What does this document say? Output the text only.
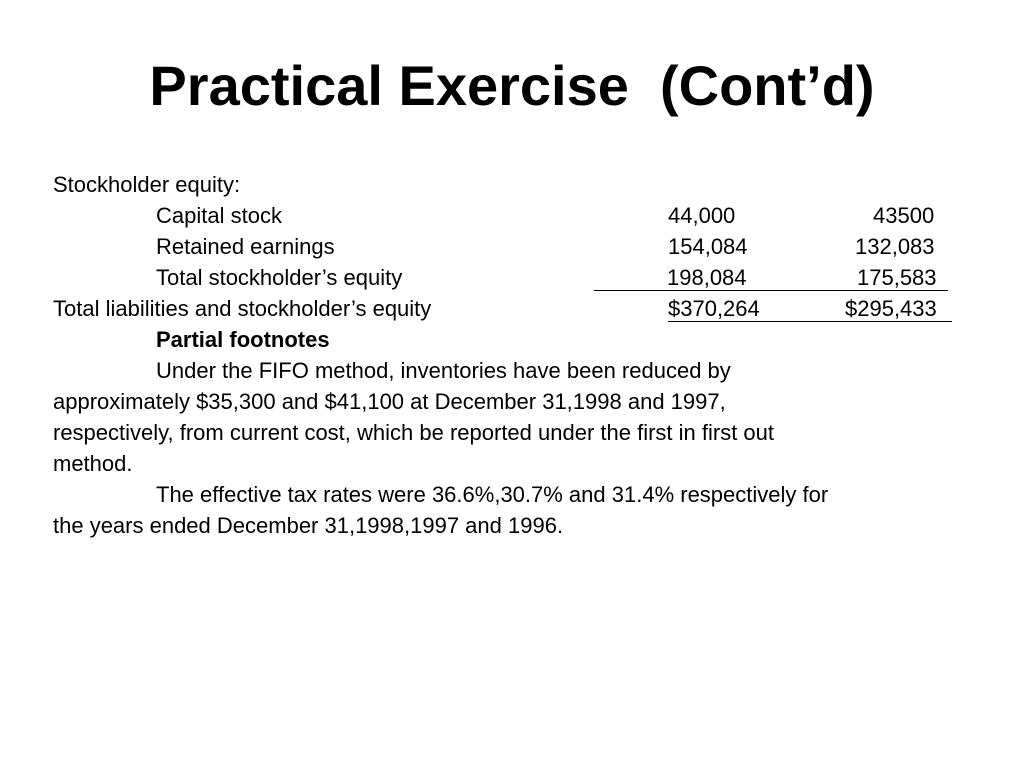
Practical Exercise  (Cont’d)
Stockholder equity:
Capital stock	44,000	43500
Retained earnings	154,084	132,083
Total stockholder’s equity	198,084	175,583
Total liabilities and stockholder’s equity	$370,264	$295,433
Partial footnotes
Under the FIFO method, inventories have been reduced by
approximately $35,300 and $41,100 at December 31,1998 and 1997,
respectively, from current cost, which be reported under the first in first out
method.
The effective tax rates were 36.6%,30.7% and 31.4% respectively for
the years ended December 31,1998,1997 and 1996.
